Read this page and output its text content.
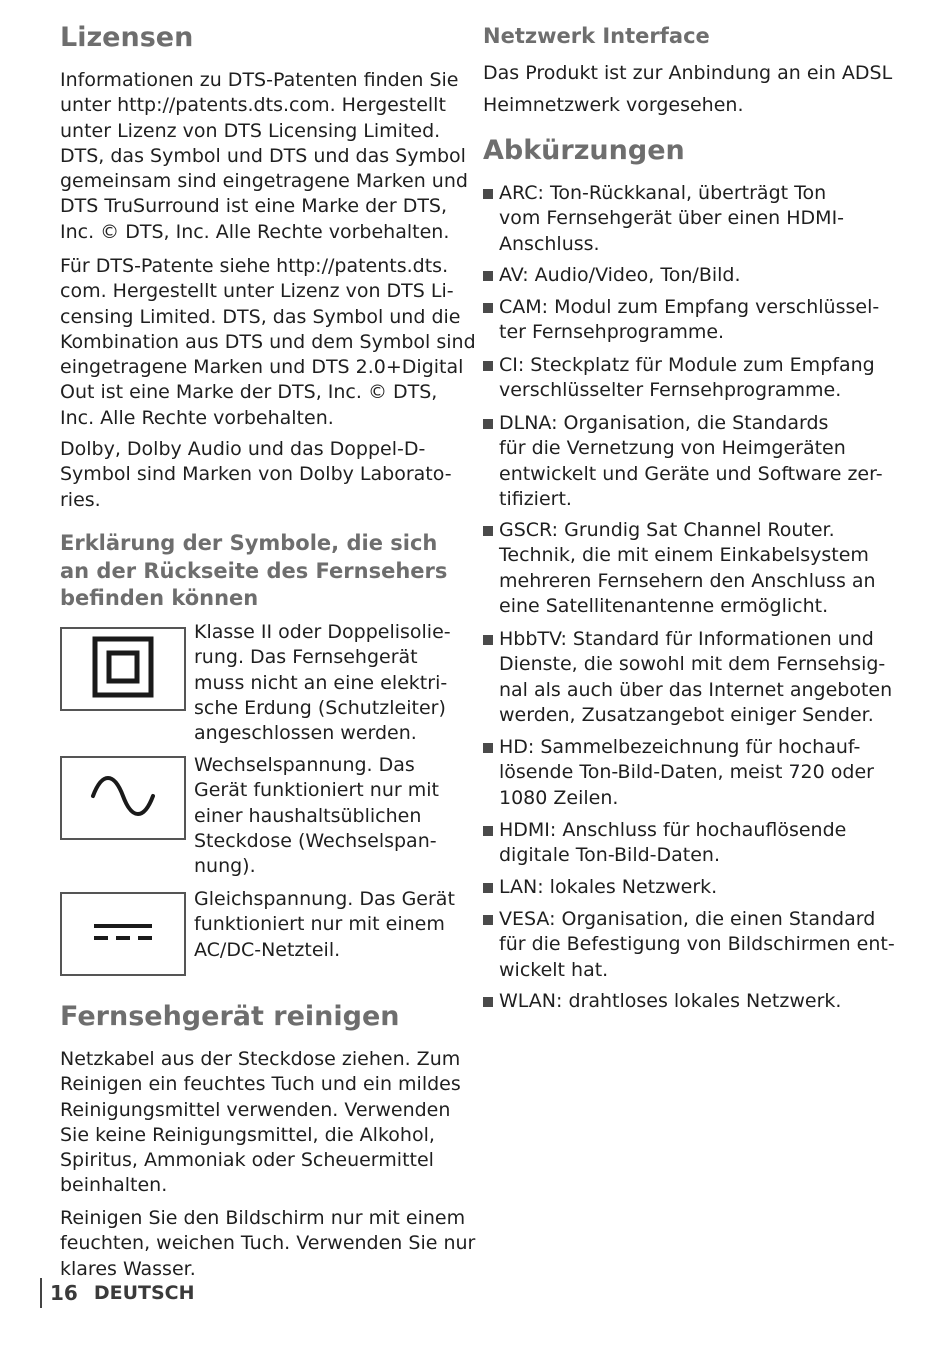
Lizensen

Informationen zu DTS-Patenten finden Sie
unter http://patents.dts.com. Hergestellt
unter Lizenz von DTS Licensing Limited.
DTS, das Symbol und DTS und das Symbol
gemeinsam sind eingetragene Marken und
DTS TruSurround ist eine Marke der DTS,
Inc. © DTS, Inc. Alle Rechte vorbehalten.

Für DTS-Patente siehe http://patents.dts.
com. Hergestellt unter Lizenz von DTS Li-
censing Limited. DTS, das Symbol und die
Kombination aus DTS und dem Symbol sind
eingetragene Marken und DTS 2.0+Digital
Out ist eine Marke der DTS, Inc. © DTS,
Inc. Alle Rechte vorbehalten.

Dolby, Dolby Audio und das Doppel-D-
Symbol sind Marken von Dolby Laborato-
ries.

Erklärung der Symbole, die sich
an der Rückseite des Fernsehers
befinden können

Klasse II oder Doppelisolie-
rung. Das Fernsehgerät
muss nicht an eine elektri-
sche Erdung (Schutzleiter)
angeschlossen werden.

Wechselspannung. Das
Gerät funktioniert nur mit
einer haushaltsüblichen
Steckdose (Wechselspan-
nung).

Gleichspannung. Das Gerät
funktioniert nur mit einem
AC/DC-Netzteil.

Fernsehgerät reinigen

Netzkabel aus der Steckdose ziehen. Zum
Reinigen ein feuchtes Tuch und ein mildes
Reinigungsmittel verwenden. Verwenden
Sie keine Reinigungsmittel, die Alkohol,
Spiritus, Ammoniak oder Scheuermittel
beinhalten.

Reinigen Sie den Bildschirm nur mit einem
feuchten, weichen Tuch. Verwenden Sie nur
klares Wasser.

Netzwerk Interface

Das Produkt ist zur Anbindung an ein ADSL
Heimnetzwerk vorgesehen.

Abkürzungen
ARC: Ton-Rückkanal, überträgt Ton
vom Fernsehgerät über einen HDMI-
Anschluss.
AV: Audio/Video, Ton/Bild.
CAM: Modul zum Empfang verschlüssel-
ter Fernsehprogramme.
CI: Steckplatz für Module zum Empfang
verschlüsselter Fernsehprogramme.
DLNA: Organisation, die Standards
für die Vernetzung von Heimgeräten
entwickelt und Geräte und Software zer-
tifiziert.
GSCR: Grundig Sat Channel Router.
Technik, die mit einem Einkabelsystem
mehreren Fernsehern den Anschluss an
eine Satellitenantenne ermöglicht.
HbbTV: Standard für Informationen und
Dienste, die sowohl mit dem Fernsehsig-
nal als auch über das Internet angeboten
werden, Zusatzangebot einiger Sender.
HD: Sammelbezeichnung für hochauf-
lösende Ton-Bild-Daten, meist 720 oder
1080 Zeilen.
HDMI: Anschluss für hochauflösende
digitale Ton-Bild-Daten.
LAN: lokales Netzwerk.
VESA: Organisation, die einen Standard
für die Befestigung von Bildschirmen ent-
wickelt hat.
WLAN: drahtloses lokales Netzwerk.
16 DEUTSCH
